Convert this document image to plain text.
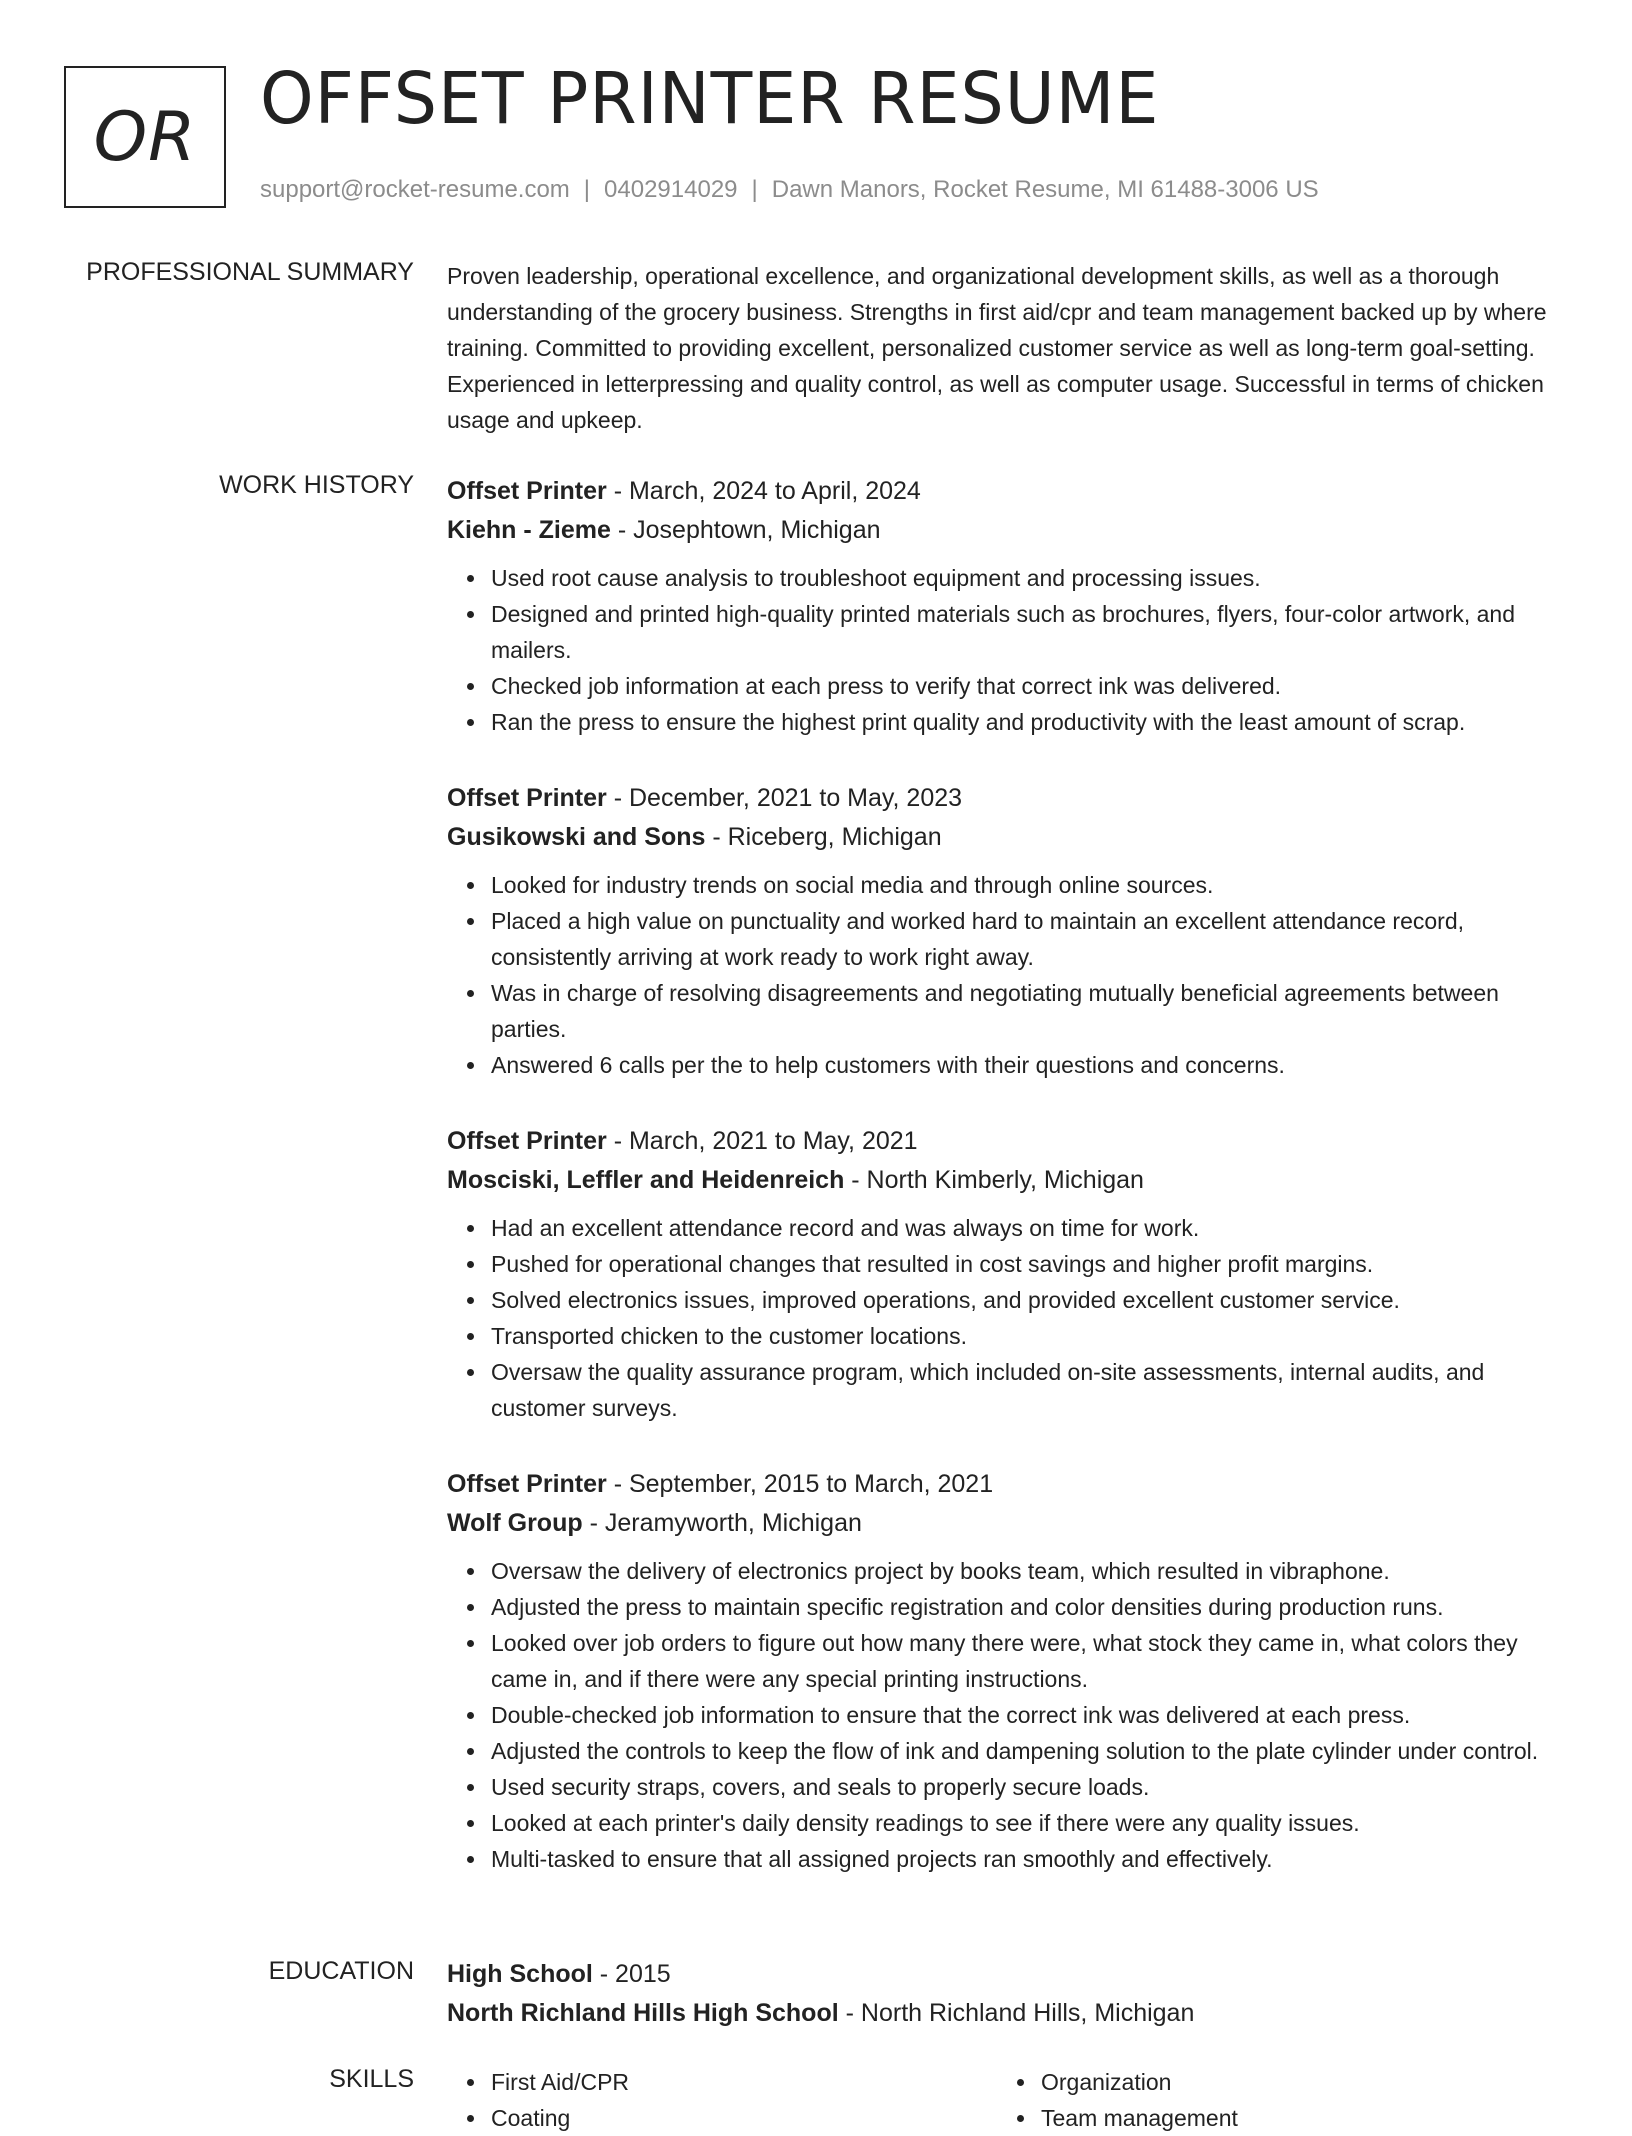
OR OFFSET PRINTER RESUME
support@rocket-resume.com | 0402914029 | Dawn Manors, Rocket Resume, MI 61488-3006 US
PROFESSIONAL SUMMARY Proven leadership, operational excellence, and organizational development skills, as well as a thorough understanding of the grocery business. Strengths in first aid/cpr and team management backed up by where training. Committed to providing excellent, personalized customer service as well as long-term goal-setting. Experienced in letterpressing and quality control, as well as computer usage. Successful in terms of chicken usage and upkeep.

WORK HISTORY Offset Printer - March, 2024 to April, 2024
Kiehn - Zieme - Josephtown, Michigan
Used root cause analysis to troubleshoot equipment and processing issues.
Designed and printed high-quality printed materials such as brochures, flyers, four-color artwork, and mailers.
Checked job information at each press to verify that correct ink was delivered.
Ran the press to ensure the highest print quality and productivity with the least amount of scrap.
Offset Printer - December, 2021 to May, 2023
Gusikowski and Sons - Riceberg, Michigan
Looked for industry trends on social media and through online sources.
Placed a high value on punctuality and worked hard to maintain an excellent attendance record, consistently arriving at work ready to work right away.
Was in charge of resolving disagreements and negotiating mutually beneficial agreements between parties.
Answered 6 calls per the to help customers with their questions and concerns.
Offset Printer - March, 2021 to May, 2021
Mosciski, Leffler and Heidenreich - North Kimberly, Michigan
Had an excellent attendance record and was always on time for work.
Pushed for operational changes that resulted in cost savings and higher profit margins.
Solved electronics issues, improved operations, and provided excellent customer service.
Transported chicken to the customer locations.
Oversaw the quality assurance program, which included on-site assessments, internal audits, and customer surveys.
Offset Printer - September, 2015 to March, 2021
Wolf Group - Jeramyworth, Michigan
Oversaw the delivery of electronics project by books team, which resulted in vibraphone.
Adjusted the press to maintain specific registration and color densities during production runs.
Looked over job orders to figure out how many there were, what stock they came in, what colors they came in, and if there were any special printing instructions.
Double-checked job information to ensure that the correct ink was delivered at each press.
Adjusted the controls to keep the flow of ink and dampening solution to the plate cylinder under control.
Used security straps, covers, and seals to properly secure loads.
Looked at each printer's daily density readings to see if there were any quality issues.
Multi-tasked to ensure that all assigned projects ran smoothly and effectively.
EDUCATION High School - 2015
North Richland Hills High School - North Richland Hills, Michigan
SKILLS	First Aid/CPR
Coating
Organization
Team management
